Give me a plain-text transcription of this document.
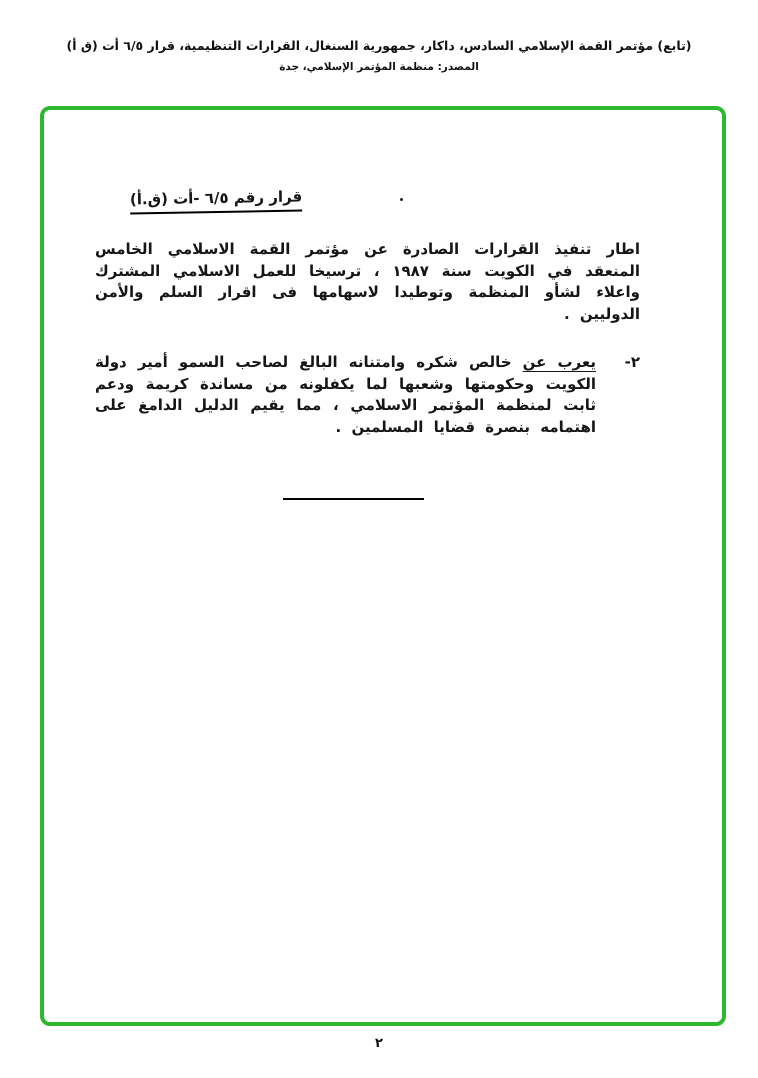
(تابع) مؤتمر القمة الإسلامي السادس، داكار، جمهورية السنغال، القرارات التنظيمية، قرار ٦/٥ أت (ق أ)
المصدر: منظمة المؤتمر الإسلامي، جدة
قرار رقم ٦/٥ -أت (ق.أ)

اطار تنفيذ القرارات الصادرة عن مؤتمر القمة الاسلامي الخامس المنعقد في الكويت سنة ١٩٨٧ ، ترسيخا للعمل الاسلامي المشترك واعلاء لشأو المنظمة وتوطيدا لاسهامها فى اقرار السلم والأمن الدوليين .

٢-

يعرب عن خالص شكره وامتنانه البالغ لصاحب السمو أمير دولة الكويت وحكومتها وشعبها لما يكفلونه من مساندة كريمة ودعم ثابت لمنظمة المؤتمر الاسلامي ، مما يقيم الدليل الدامغ على اهتمامه بنصرة قضايا المسلمين .

٢
